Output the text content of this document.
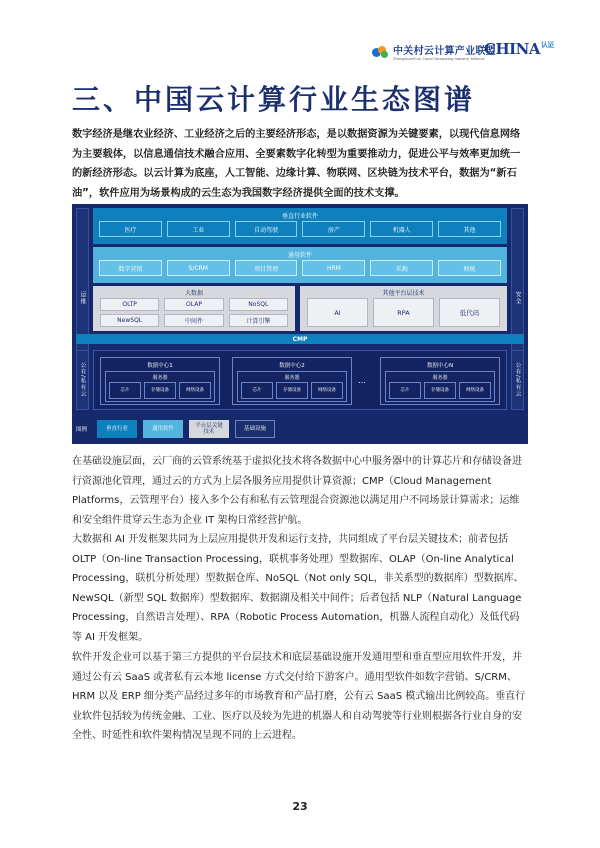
中关村云计算产业联盟
ZhongGuanCun Cloud Computing Industry Alliance
$CHINA^{认证}$
三、中国云计算行业生态图谱

数字经济是继农业经济、工业经济之后的主要经济形态，是以数据资源为关键要素，以现代信息网络为主要载体，以信息通信技术融合应用、全要素数字化转型为重要推动力，促进公平与效率更加统一的新经济形态。以云计算为底座，人工智能、边缘计算、物联网、区块链为技术平台，数据为“新石油”，软件应用为场景构成的云生态为我国数字经济提供全面的技术支撑。

运维	安全
垂直行业软件
医疗	工业	自动驾驶	房产	机器人	其他
通用软件
数字营销	S/CRM	项目管理	HRM	采购	财税
大数据
OLTP	OLAP	NoSQL
NewSQL	中间件	计算引擎
其他平台层技术
AI	RPA	低代码
CMP
公有/私有云	公有/私有云
数据中心1
服务器
芯片	存储设备	网络设备
数据中心2
服务器
芯片	存储设备	网络设备
…
数据中心N
服务器
芯片	存储设备	网络设备
图例	垂直行业	通用软件
平台层关键技术
基础设施

在基础设施层面，云厂商的云管系统基于虚拟化技术将各数据中心中服务器中的计算芯片和存储设备进行资源池化管理，通过云的方式为上层各服务应用提供计算资源；CMP（Cloud Management Platforms，云管理平台）接入多个公有和私有云管理混合资源池以满足用户不同场景计算需求；运维和安全组件贯穿云生态为企业 IT 架构日常经营护航。

大数据和 AI 开发框架共同为上层应用提供开发和运行支持，共同组成了平台层关键技术；前者包括 OLTP（On-line Transaction Processing，联机事务处理）型数据库、OLAP（On-line Analytical Processing，联机分析处理）型数据仓库、NoSQL（Not only SQL，非关系型的数据库）型数据库、NewSQL（新型 SQL 数据库）型数据库、数据湖及相关中间件；后者包括 NLP（Natural Language Processing，自然语言处理）、RPA（Robotic Process Automation，机器人流程自动化）及低代码等 AI 开发框架。

软件开发企业可以基于第三方提供的平台层技术和底层基础设施开发通用型和垂直型应用软件开发，并通过公有云 SaaS 或者私有云本地 license 方式交付给下游客户。通用型软件如数字营销、S/CRM、HRM 以及 ERP 细分类产品经过多年的市场教育和产品打磨，公有云 SaaS 模式输出比例较高。垂直行业软件包括较为传统金融、工业、医疗以及较为先进的机器人和自动驾驶等行业则根据各行业自身的安全性、时延性和软件架构情况呈现不同的上云进程。

23
